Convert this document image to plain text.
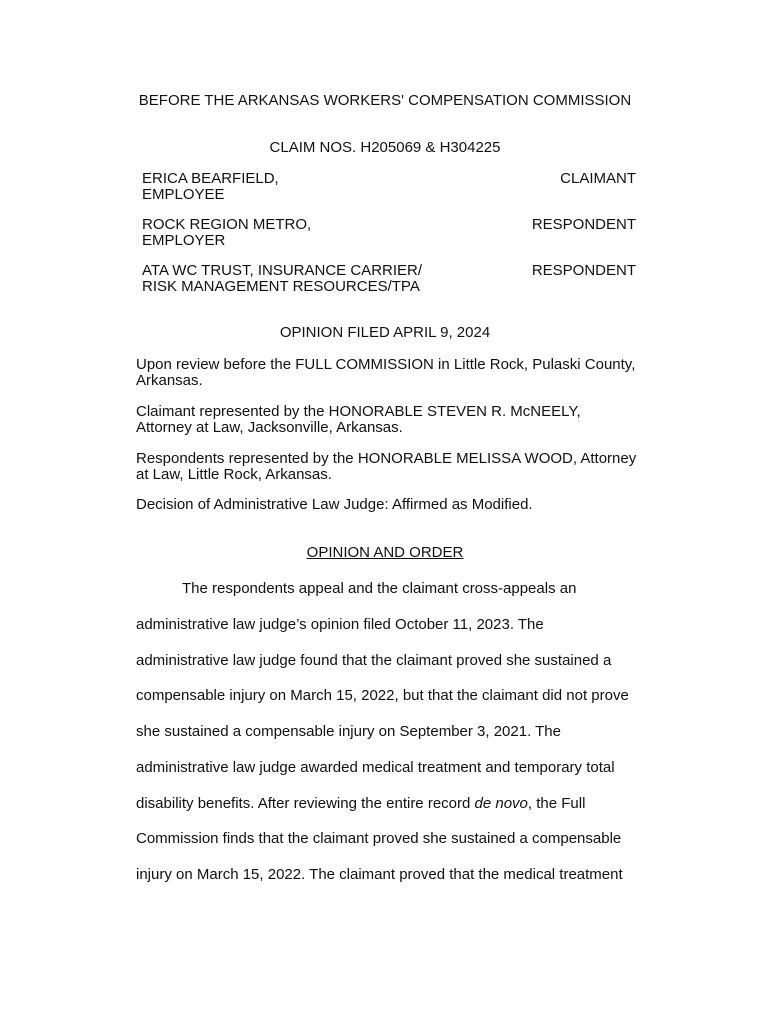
BEFORE THE ARKANSAS WORKERS' COMPENSATION COMMISSION
CLAIM NOS. H205069 & H304225
ERICA BEARFIELD,
EMPLOYEE
CLAIMANT
ROCK REGION METRO,
EMPLOYER
RESPONDENT
ATA WC TRUST, INSURANCE CARRIER/
RISK MANAGEMENT RESOURCES/TPA
RESPONDENT
OPINION FILED APRIL 9, 2024
Upon review before the FULL COMMISSION in Little Rock, Pulaski County,
Arkansas.
Claimant represented by the HONORABLE STEVEN R. McNEELY,
Attorney at Law, Jacksonville, Arkansas.
Respondents represented by the HONORABLE MELISSA WOOD, Attorney
at Law, Little Rock, Arkansas.
Decision of Administrative Law Judge: Affirmed as Modified.
OPINION AND ORDER
The respondents appeal and the claimant cross-appeals an
administrative law judge’s opinion filed October 11, 2023. The
administrative law judge found that the claimant proved she sustained a
compensable injury on March 15, 2022, but that the claimant did not prove
she sustained a compensable injury on September 3, 2021. The
administrative law judge awarded medical treatment and temporary total
disability benefits. After reviewing the entire record de novo, the Full
Commission finds that the claimant proved she sustained a compensable
injury on March 15, 2022. The claimant proved that the medical treatment
